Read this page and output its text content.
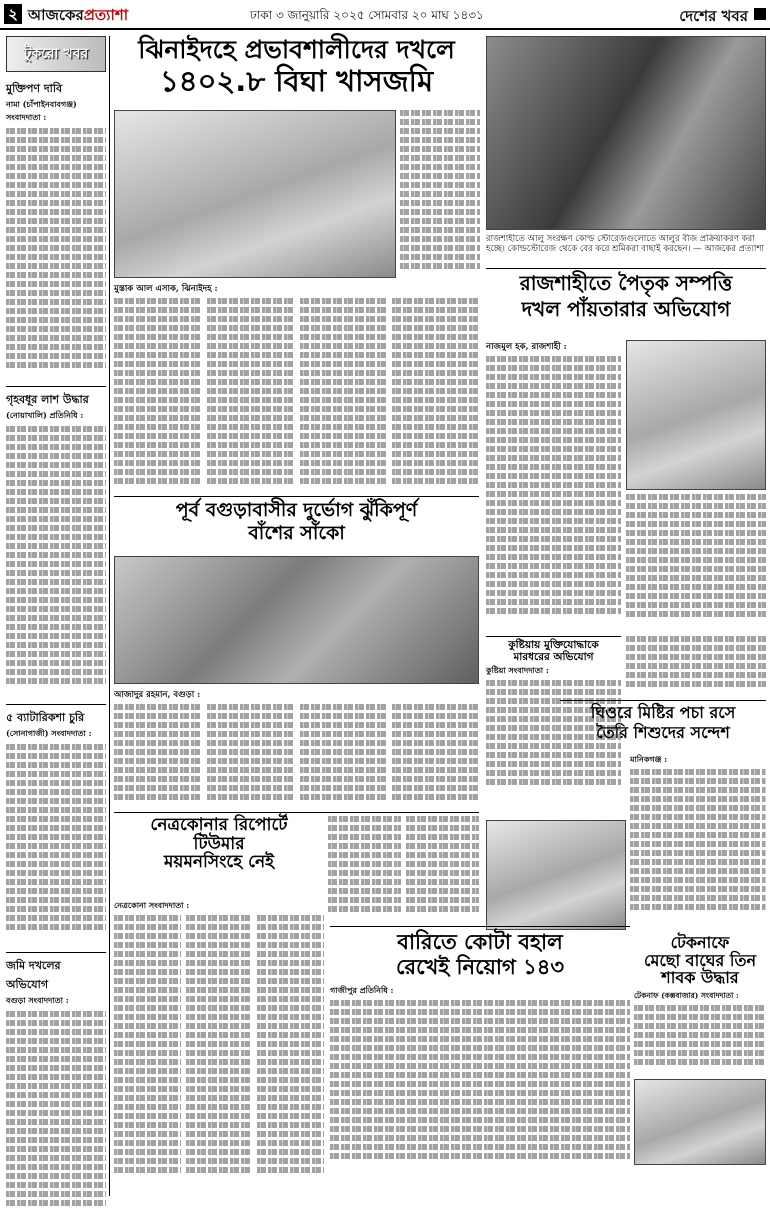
২ আজকেরপ্রত্যাশা	ঢাকা ৩ জানুয়ারি ২০২৫ সোমবার ২০ মাঘ ১৪৩১	দেশের খবর
টুকরো খবর
মুক্তিপণ দাবি
নামা (চাঁপাইনবাবগঞ্জ) সংবাদদাতা :
গৃহবধূর লাশ উদ্ধার
(নোয়াখালি) প্রতিনিধি :
৫ ব্যাটারিকশা চুরি
(সোনাগাজী) সংবাদদাতা :
জমি দখলের অভিযোগ
বগুড়া সংবাদদাতা :
ঝিনাইদহে প্রভাবশালীদের দখলে
১৪০২.৮ বিঘা খাসজমি
মুস্তাক আল এসাক, ঝিনাইদহ :
রাজশাহীতে আলু সংরক্ষণ কোল্ড স্টোরেজগুলোতে আলুর বীজ প্রক্রিয়াকরণ করা হচ্ছে। কোল্ডস্টোরেজ থেকে বের করে শ্রমিকরা বাছাই করছেন। — আজকের প্রত্যাশা
রাজশাহীতে পৈতৃক সম্পত্তি
দখল পাঁয়তারার অভিযোগ
নাজমুল হক, রাজশাহী :
পূর্ব বগুড়াবাসীর দুর্ভোগ ঝুঁকিপূর্ণ
বাঁশের সাঁকো
আজাদুর রহমান, বগুড়া :
কুষ্টিয়ায় মুক্তিযোদ্ধাকে
মারধরের অভিযোগ
কুষ্টিয়া সংবাদদাতা :
ঘিওরে মিষ্টির পচা রসে
তৈরি শিশুদের সন্দেশ
মানিকগঞ্জ :
নেত্রকোনার রিপোর্টে
টিউমার
ময়মনসিংহে নেই
নেত্রকোনা সংবাদদাতা :
বারিতে কোটা বহাল
রেখেই নিয়োগ ১৪৩
গাজীপুর প্রতিনিধি :
টেকনাফে
মেছো বাঘের তিন
শাবক উদ্ধার
টেকনাফ (কক্সবাজার) সংবাদদাতা :
